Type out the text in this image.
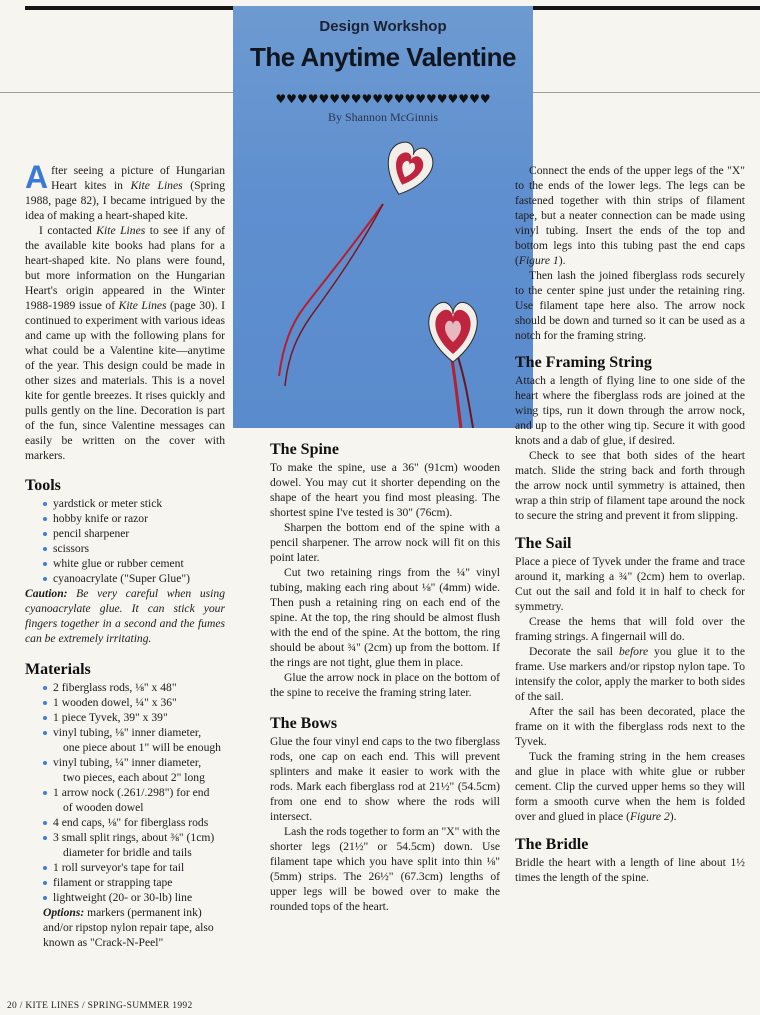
Design Workshop
The Anytime Valentine
♥♥♥♥♥♥♥♥♥♥♥♥♥♥♥♥♥♥♥♥
By Shannon McGinnis
A fter seeing a picture of Hungarian Heart kites in Kite Lines (Spring 1988, page 82), I became intrigued by the idea of making a heart-shaped kite.

I contacted Kite Lines to see if any of the available kite books had plans for a heart-shaped kite. No plans were found, but more information on the Hungarian Heart's origin appeared in the Winter 1988-1989 issue of Kite Lines (page 30). I continued to experiment with various ideas and came up with the following plans for what could be a Valentine kite—anytime of the year. This design could be made in other sizes and materials. This is a novel kite for gentle breezes. It rises quickly and pulls gently on the line. Decoration is part of the fun, since Valentine messages can easily be written on the cover with markers.

Tools
yardstick or meter stick
hobby knife or razor
pencil sharpener
scissors
white glue or rubber cement
cyanoacrylate ("Super Glue")

Caution: Be very careful when using cyanoacrylate glue. It can stick your fingers together in a second and the fumes can be extremely irritating.

Materials
2 fiberglass rods, ⅛" x 48"
1 wooden dowel, ¼" x 36"
1 piece Tyvek, 39" x 39"
vinyl tubing, ⅛" inner diameter,
one piece about 1" will be enough
vinyl tubing, ¼" inner diameter,
two pieces, each about 2" long
1 arrow nock (.261/.298") for end
of wooden dowel
4 end caps, ⅛" for fiberglass rods
3 small split rings, about ⅜" (1cm)
diameter for bridle and tails
1 roll surveyor's tape for tail
filament or strapping tape
lightweight (20- or 30-lb) line

Options: markers (permanent ink) and/or ripstop nylon repair tape, also known as "Crack-N-Peel"

The Spine

To make the spine, use a 36" (91cm) wooden dowel. You may cut it shorter depending on the shape of the heart you find most pleasing. The shortest spine I've tested is 30" (76cm).

Sharpen the bottom end of the spine with a pencil sharpener. The arrow nock will fit on this point later.

Cut two retaining rings from the ¼" vinyl tubing, making each ring about ⅛" (4mm) wide. Then push a retaining ring on each end of the spine. At the top, the ring should be almost flush with the end of the spine. At the bottom, the ring should be about ¾" (2cm) up from the bottom. If the rings are not tight, glue them in place.

Glue the arrow nock in place on the bottom of the spine to receive the framing string later.

The Bows

Glue the four vinyl end caps to the two fiberglass rods, one cap on each end. This will prevent splinters and make it easier to work with the rods. Mark each fiberglass rod at 21½" (54.5cm) from one end to show where the rods will intersect.

Lash the rods together to form an "X" with the shorter legs (21½" or 54.5cm) down. Use filament tape which you have split into thin ⅛" (5mm) strips. The 26½" (67.3cm) lengths of upper legs will be bowed over to make the rounded tops of the heart.

Connect the ends of the upper legs of the "X" to the ends of the lower legs. The legs can be fastened together with thin strips of filament tape, but a neater connection can be made using vinyl tubing. Insert the ends of the top and bottom legs into this tubing past the end caps (Figure 1).

Then lash the joined fiberglass rods securely to the center spine just under the retaining ring. Use filament tape here also. The arrow nock should be down and turned so it can be used as a notch for the framing string.

The Framing String

Attach a length of flying line to one side of the heart where the fiberglass rods are joined at the wing tips, run it down through the arrow nock, and up to the other wing tip. Secure it with good knots and a dab of glue, if desired.

Check to see that both sides of the heart match. Slide the string back and forth through the arrow nock until symmetry is attained, then wrap a thin strip of filament tape around the nock to secure the string and prevent it from slipping.

The Sail

Place a piece of Tyvek under the frame and trace around it, marking a ¾" (2cm) hem to overlap. Cut out the sail and fold it in half to check for symmetry.

Crease the hems that will fold over the framing strings. A fingernail will do.

Decorate the sail before you glue it to the frame. Use markers and/or ripstop nylon tape. To intensify the color, apply the marker to both sides of the sail.

After the sail has been decorated, place the frame on it with the fiberglass rods next to the Tyvek.

Tuck the framing string in the hem creases and glue in place with white glue or rubber cement. Clip the curved upper hems so they will form a smooth curve when the hem is folded over and glued in place (Figure 2).

The Bridle

Bridle the heart with a length of line about 1½ times the length of the spine.

20 / KITE LINES / SPRING-SUMMER 1992
